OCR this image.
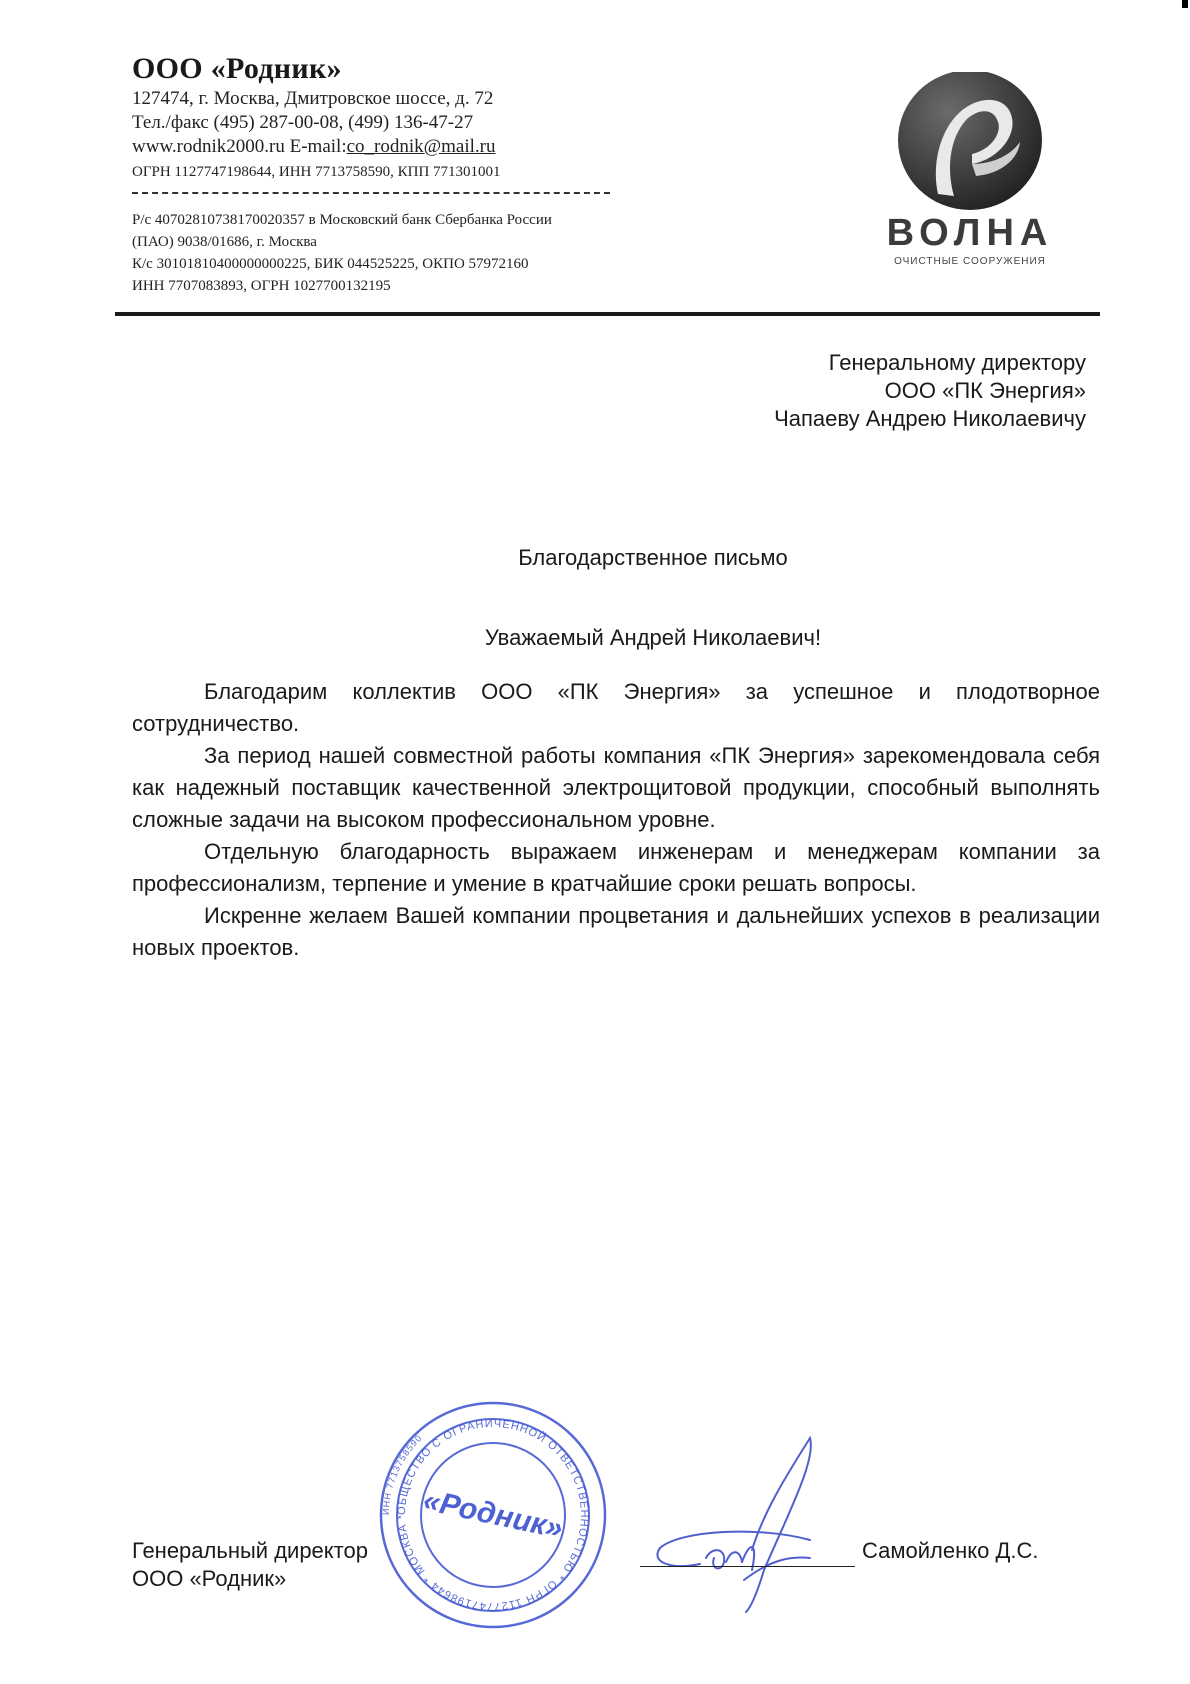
ООО «Родник»
127474, г. Москва, Дмитровское шоссе, д. 72
Тел./факс (495) 287-00-08, (499) 136-47-27
www.rodnik2000.ru E-mail:co_rodnik@mail.ru
ОГРН 1127747198644, ИНН 7713758590, КПП 771301001
Р/с 40702810738170020357 в Московский банк Сбербанка России
(ПАО) 9038/01686, г. Москва
К/с 30101810400000000225, БИК 044525225, ОКПО 57972160
ИНН 7707083893, ОГРН 1027700132195
ВОЛНА
ОЧИСТНЫЕ СООРУЖЕНИЯ
Генеральному директору
ООО «ПК Энергия»
Чапаеву Андрею Николаевичу
Благодарственное письмо
Уважаемый Андрей Николаевич!

Благодарим коллектив ООО «ПК Энергия» за успешное и плодотворное сотрудничество.

За период нашей совместной работы компания «ПК Энергия» зарекомендовала себя как надежный поставщик качественной электрощитовой продукции, способный выполнять сложные задачи на высоком профессиональном уровне.

Отдельную благодарность выражаем инженерам и менеджерам компании за профессионализм, терпение и умение в кратчайшие сроки решать вопросы.

Искренне желаем Вашей компании процветания и дальнейших успехов в реализации новых проектов.

ОБЩЕСТВО С ОГРАНИЧЕННОЙ ОТВЕТСТВЕННОСТЬЮ * ОГРН 1127747198644 * МОСКВА *
ИНН 7713758590
«Родник»
Генеральный директор
ООО «Родник»
Самойленко Д.С.
